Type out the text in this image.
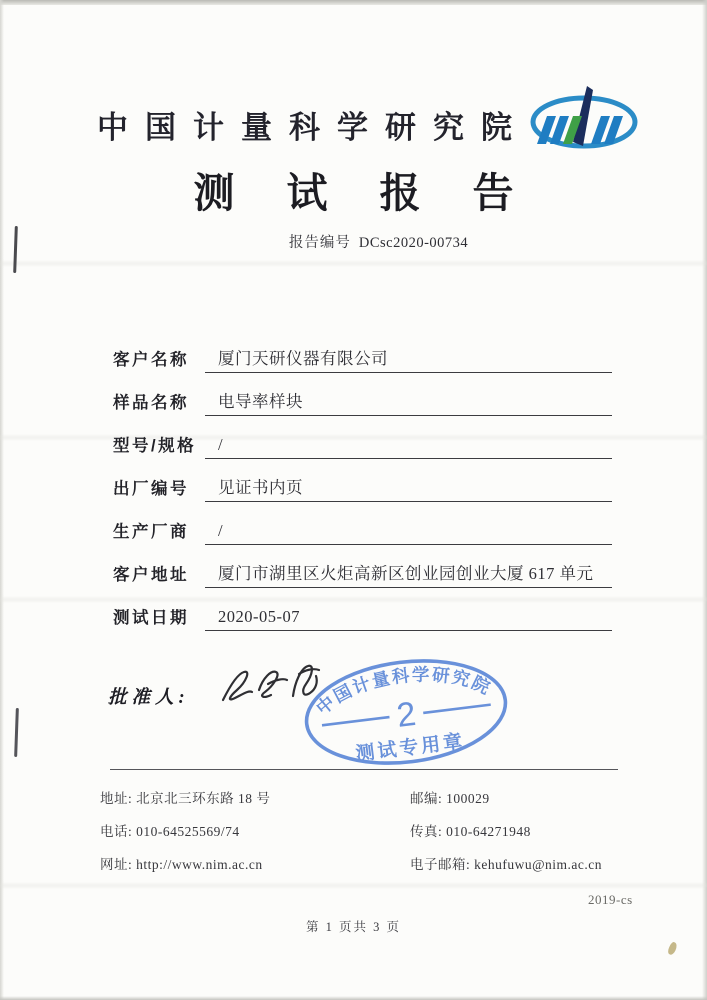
中国计量科学研究院
测试报告
报告编号 DCsc2020-00734
客户名称	厦门天研仪器有限公司
样品名称	电导率样块
型号/规格	/
出厂编号	见证书内页
生产厂商	/
客户地址	厦门市湖里区火炬高新区创业园创业大厦 617 单元
测试日期	2020-05-07
批准人:	中国计量科学研究院
2
测试专用章
地址: 北京北三环东路 18 号	邮编: 100029
电话: 010-64525569/74	传真: 010-64271948
网址: http://www.nim.ac.cn	电子邮箱: kehufuwu@nim.ac.cn
2019-cs
第 1 页共 3 页
